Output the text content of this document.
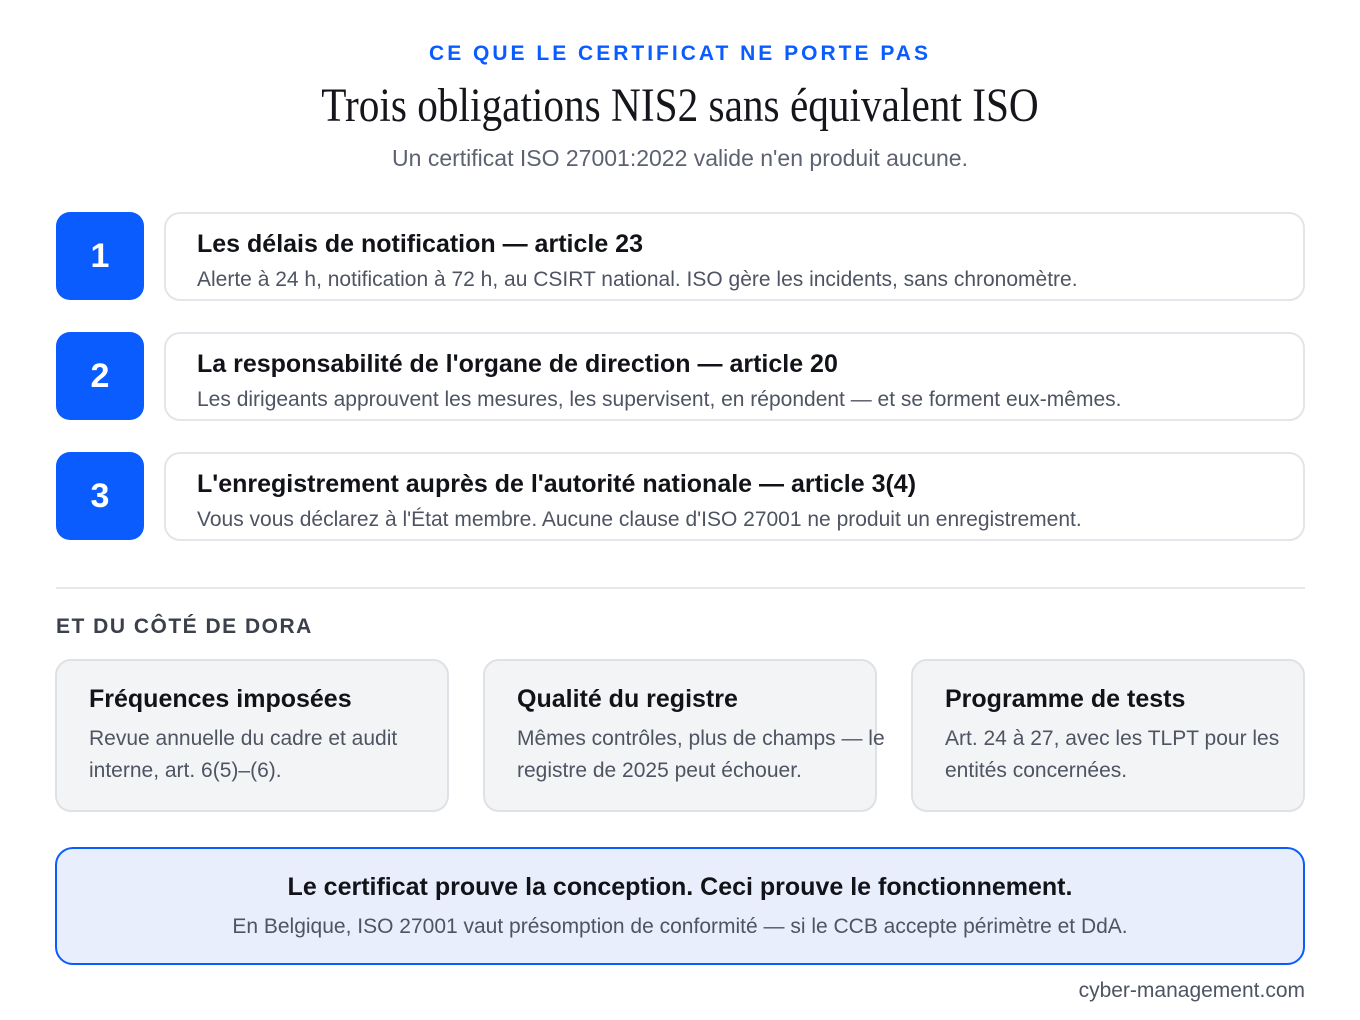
CE QUE LE CERTIFICAT NE PORTE PAS
Trois obligations NIS2 sans équivalent ISO
Un certificat ISO 27001:2022 valide n'en produit aucune.
1	Les délais de notification — article 23
Alerte à 24 h, notification à 72 h, au CSIRT national. ISO gère les incidents, sans chronomètre.
2	La responsabilité de l'organe de direction — article 20
Les dirigeants approuvent les mesures, les supervisent, en répondent — et se forment eux-mêmes.
3	L'enregistrement auprès de l'autorité nationale — article 3(4)
Vous vous déclarez à l'État membre. Aucune clause d'ISO 27001 ne produit un enregistrement.
ET DU CÔTÉ DE DORA
Fréquences imposées
Revue annuelle du cadre et audit interne, art. 6(5)–(6).
Qualité du registre
Mêmes contrôles, plus de champs — le registre de 2025 peut échouer.
Programme de tests
Art. 24 à 27, avec les TLPT pour les entités concernées.
Le certificat prouve la conception. Ceci prouve le fonctionnement.
En Belgique, ISO 27001 vaut présomption de conformité — si le CCB accepte périmètre et DdA.
cyber-management.com
